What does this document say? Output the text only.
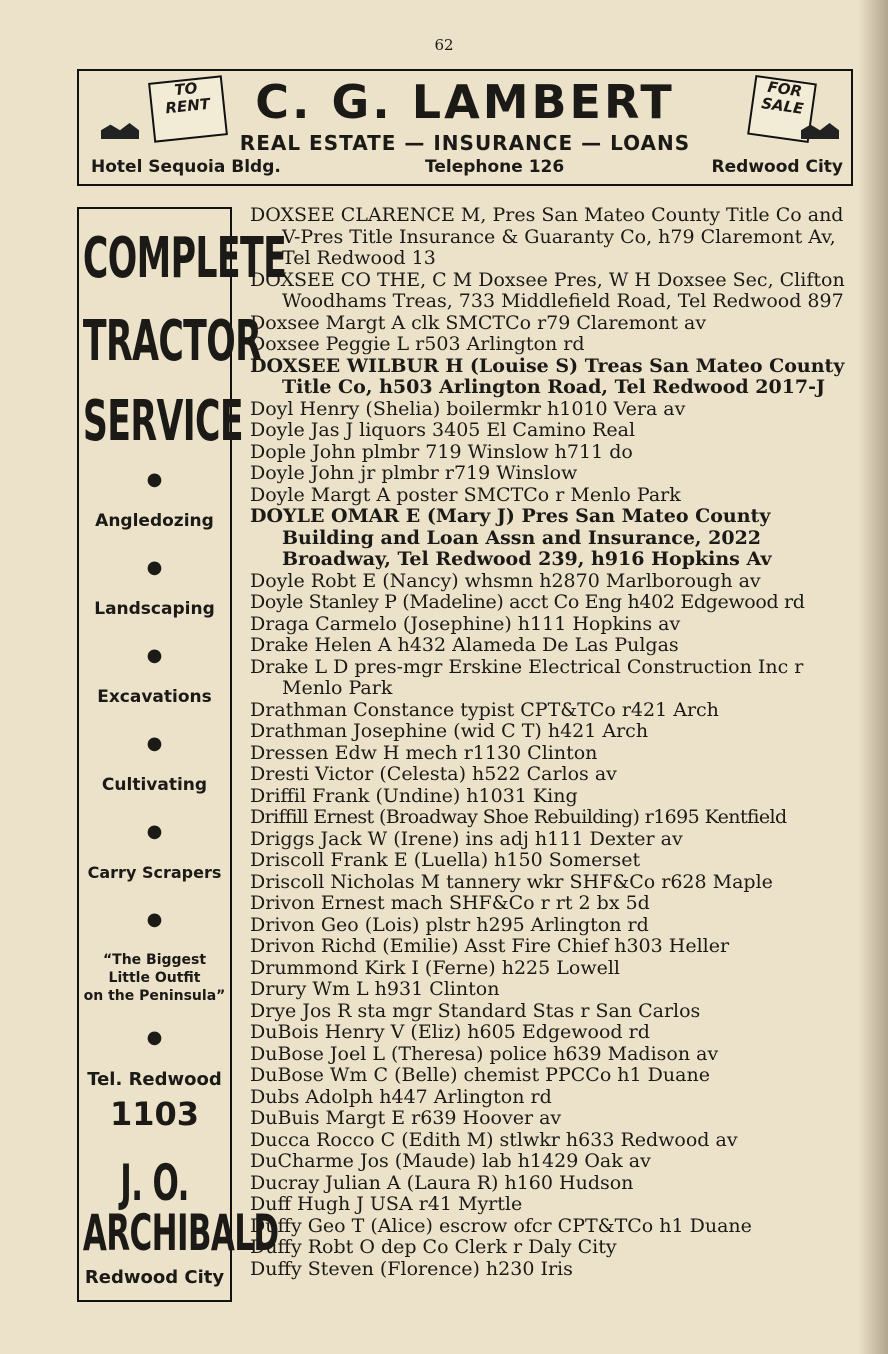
62
TO
RENT C. G. LAMBERT
REAL ESTATE — INSURANCE — LOANS
FOR
SALE
Hotel Sequoia Bldg.	Telephone 126	Redwood City
COMPLETE
TRACTOR
SERVICE
●
Angledozing
●
Landscaping
●
Excavations
●
Cultivating
●
Carry Scrapers
●
“The Biggest
Little Outfit
on the Peninsula”
●
Tel. Redwood
1103
J. O.
ARCHIBALD
Redwood City
DOXSEE CLARENCE M, Pres San Mateo County Title Co and V-Pres Title Insurance & Guaranty Co, h79 Claremont Av, Tel Redwood 13
DOXSEE CO THE, C M Doxsee Pres, W H Doxsee Sec, Clifton Woodhams Treas, 733 Middlefield Road, Tel Redwood 897
Doxsee Margt A clk SMCTCo r79 Claremont av
Doxsee Peggie L r503 Arlington rd
DOXSEE WILBUR H (Louise S) Treas San Mateo County Title Co, h503 Arlington Road, Tel Redwood 2017-J
Doyl Henry (Shelia) boilermkr h1010 Vera av
Doyle Jas J liquors 3405 El Camino Real
Dople John plmbr 719 Winslow h711 do
Doyle John jr plmbr r719 Winslow
Doyle Margt A poster SMCTCo r Menlo Park
DOYLE OMAR E (Mary J) Pres San Mateo County Building and Loan Assn and Insurance, 2022 Broadway, Tel Redwood 239, h916 Hopkins Av
Doyle Robt E (Nancy) whsmn h2870 Marlborough av
Doyle Stanley P (Madeline) acct Co Eng h402 Edgewood rd
Draga Carmelo (Josephine) h111 Hopkins av
Drake Helen A h432 Alameda De Las Pulgas
Drake L D pres-mgr Erskine Electrical Construction Inc r Menlo Park
Drathman Constance typist CPT&TCo r421 Arch
Drathman Josephine (wid C T) h421 Arch
Dressen Edw H mech r1130 Clinton
Dresti Victor (Celesta) h522 Carlos av
Driffil Frank (Undine) h1031 King
Driffill Ernest (Broadway Shoe Rebuilding) r1695 Kentfield
Driggs Jack W (Irene) ins adj h111 Dexter av
Driscoll Frank E (Luella) h150 Somerset
Driscoll Nicholas M tannery wkr SHF&Co r628 Maple
Drivon Ernest mach SHF&Co r rt 2 bx 5d
Drivon Geo (Lois) plstr h295 Arlington rd
Drivon Richd (Emilie) Asst Fire Chief h303 Heller
Drummond Kirk I (Ferne) h225 Lowell
Drury Wm L h931 Clinton
Drye Jos R sta mgr Standard Stas r San Carlos
DuBois Henry V (Eliz) h605 Edgewood rd
DuBose Joel L (Theresa) police h639 Madison av
DuBose Wm C (Belle) chemist PPCCo h1 Duane
Dubs Adolph h447 Arlington rd
DuBuis Margt E r639 Hoover av
Ducca Rocco C (Edith M) stlwkr h633 Redwood av
DuCharme Jos (Maude) lab h1429 Oak av
Ducray Julian A (Laura R) h160 Hudson
Duff Hugh J USA r41 Myrtle
Duffy Geo T (Alice) escrow ofcr CPT&TCo h1 Duane
Duffy Robt O dep Co Clerk r Daly City
Duffy Steven (Florence) h230 Iris
